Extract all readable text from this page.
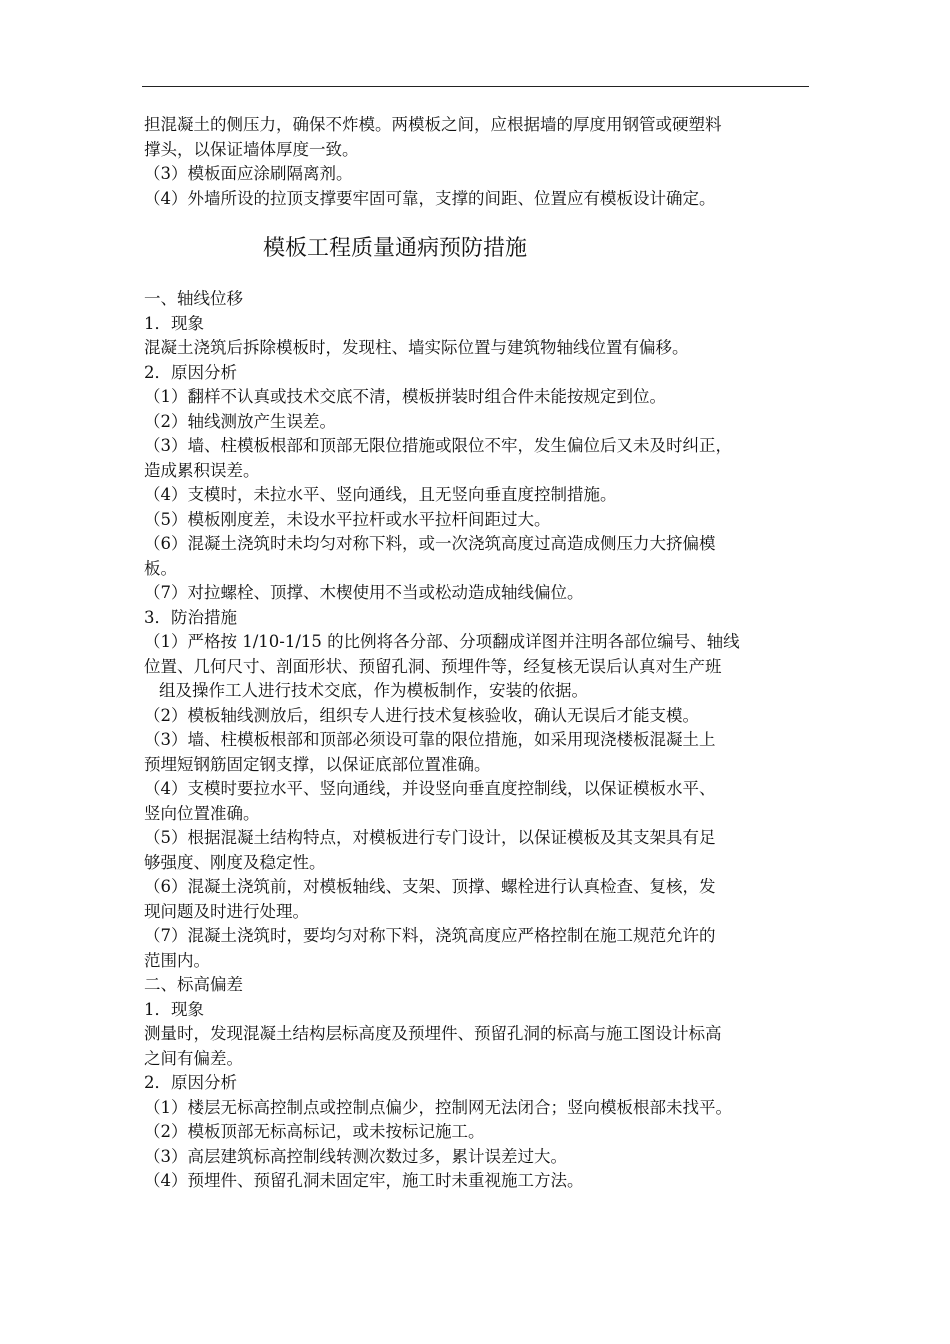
担混凝土的侧压力，确保不炸模。两模板之间，应根据墙的厚度用钢管或硬塑料
撑头，以保证墙体厚度一致。
（3）模板面应涂刷隔离剂。
（4）外墙所设的拉顶支撑要牢固可靠，支撑的间距、位置应有模板设计确定。
模板工程质量通病预防措施
一、轴线位移
1．现象
混凝土浇筑后拆除模板时，发现柱、墙实际位置与建筑物轴线位置有偏移。
2．原因分析
（1）翻样不认真或技术交底不清，模板拼装时组合件未能按规定到位。
（2）轴线测放产生误差。
（3）墙、柱模板根部和顶部无限位措施或限位不牢，发生偏位后又未及时纠正，
造成累积误差。
（4）支模时，未拉水平、竖向通线，且无竖向垂直度控制措施。
（5）模板刚度差，未设水平拉杆或水平拉杆间距过大。
（6）混凝土浇筑时未均匀对称下料，或一次浇筑高度过高造成侧压力大挤偏模
板。
（7）对拉螺栓、顶撑、木楔使用不当或松动造成轴线偏位。
3．防治措施
（1）严格按 1/10-1/15 的比例将各分部、分项翻成详图并注明各部位编号、轴线
位置、几何尺寸、剖面形状、预留孔洞、预埋件等，经复核无误后认真对生产班
组及操作工人进行技术交底，作为模板制作，安装的依据。
（2）模板轴线测放后，组织专人进行技术复核验收，确认无误后才能支模。
（3）墙、柱模板根部和顶部必须设可靠的限位措施，如采用现浇楼板混凝土上
预埋短钢筋固定钢支撑，以保证底部位置准确。
（4）支模时要拉水平、竖向通线，并设竖向垂直度控制线，以保证模板水平、
竖向位置准确。
（5）根据混凝土结构特点，对模板进行专门设计，以保证模板及其支架具有足
够强度、刚度及稳定性。
（6）混凝土浇筑前，对模板轴线、支架、顶撑、螺栓进行认真检查、复核，发
现问题及时进行处理。
（7）混凝土浇筑时，要均匀对称下料，浇筑高度应严格控制在施工规范允许的
范围内。
二、标高偏差
1．现象
测量时，发现混凝土结构层标高度及预埋件、预留孔洞的标高与施工图设计标高
之间有偏差。
2．原因分析
（1）楼层无标高控制点或控制点偏少，控制网无法闭合；竖向模板根部未找平。
（2）模板顶部无标高标记，或未按标记施工。
（3）高层建筑标高控制线转测次数过多，累计误差过大。
（4）预埋件、预留孔洞未固定牢，施工时未重视施工方法。
